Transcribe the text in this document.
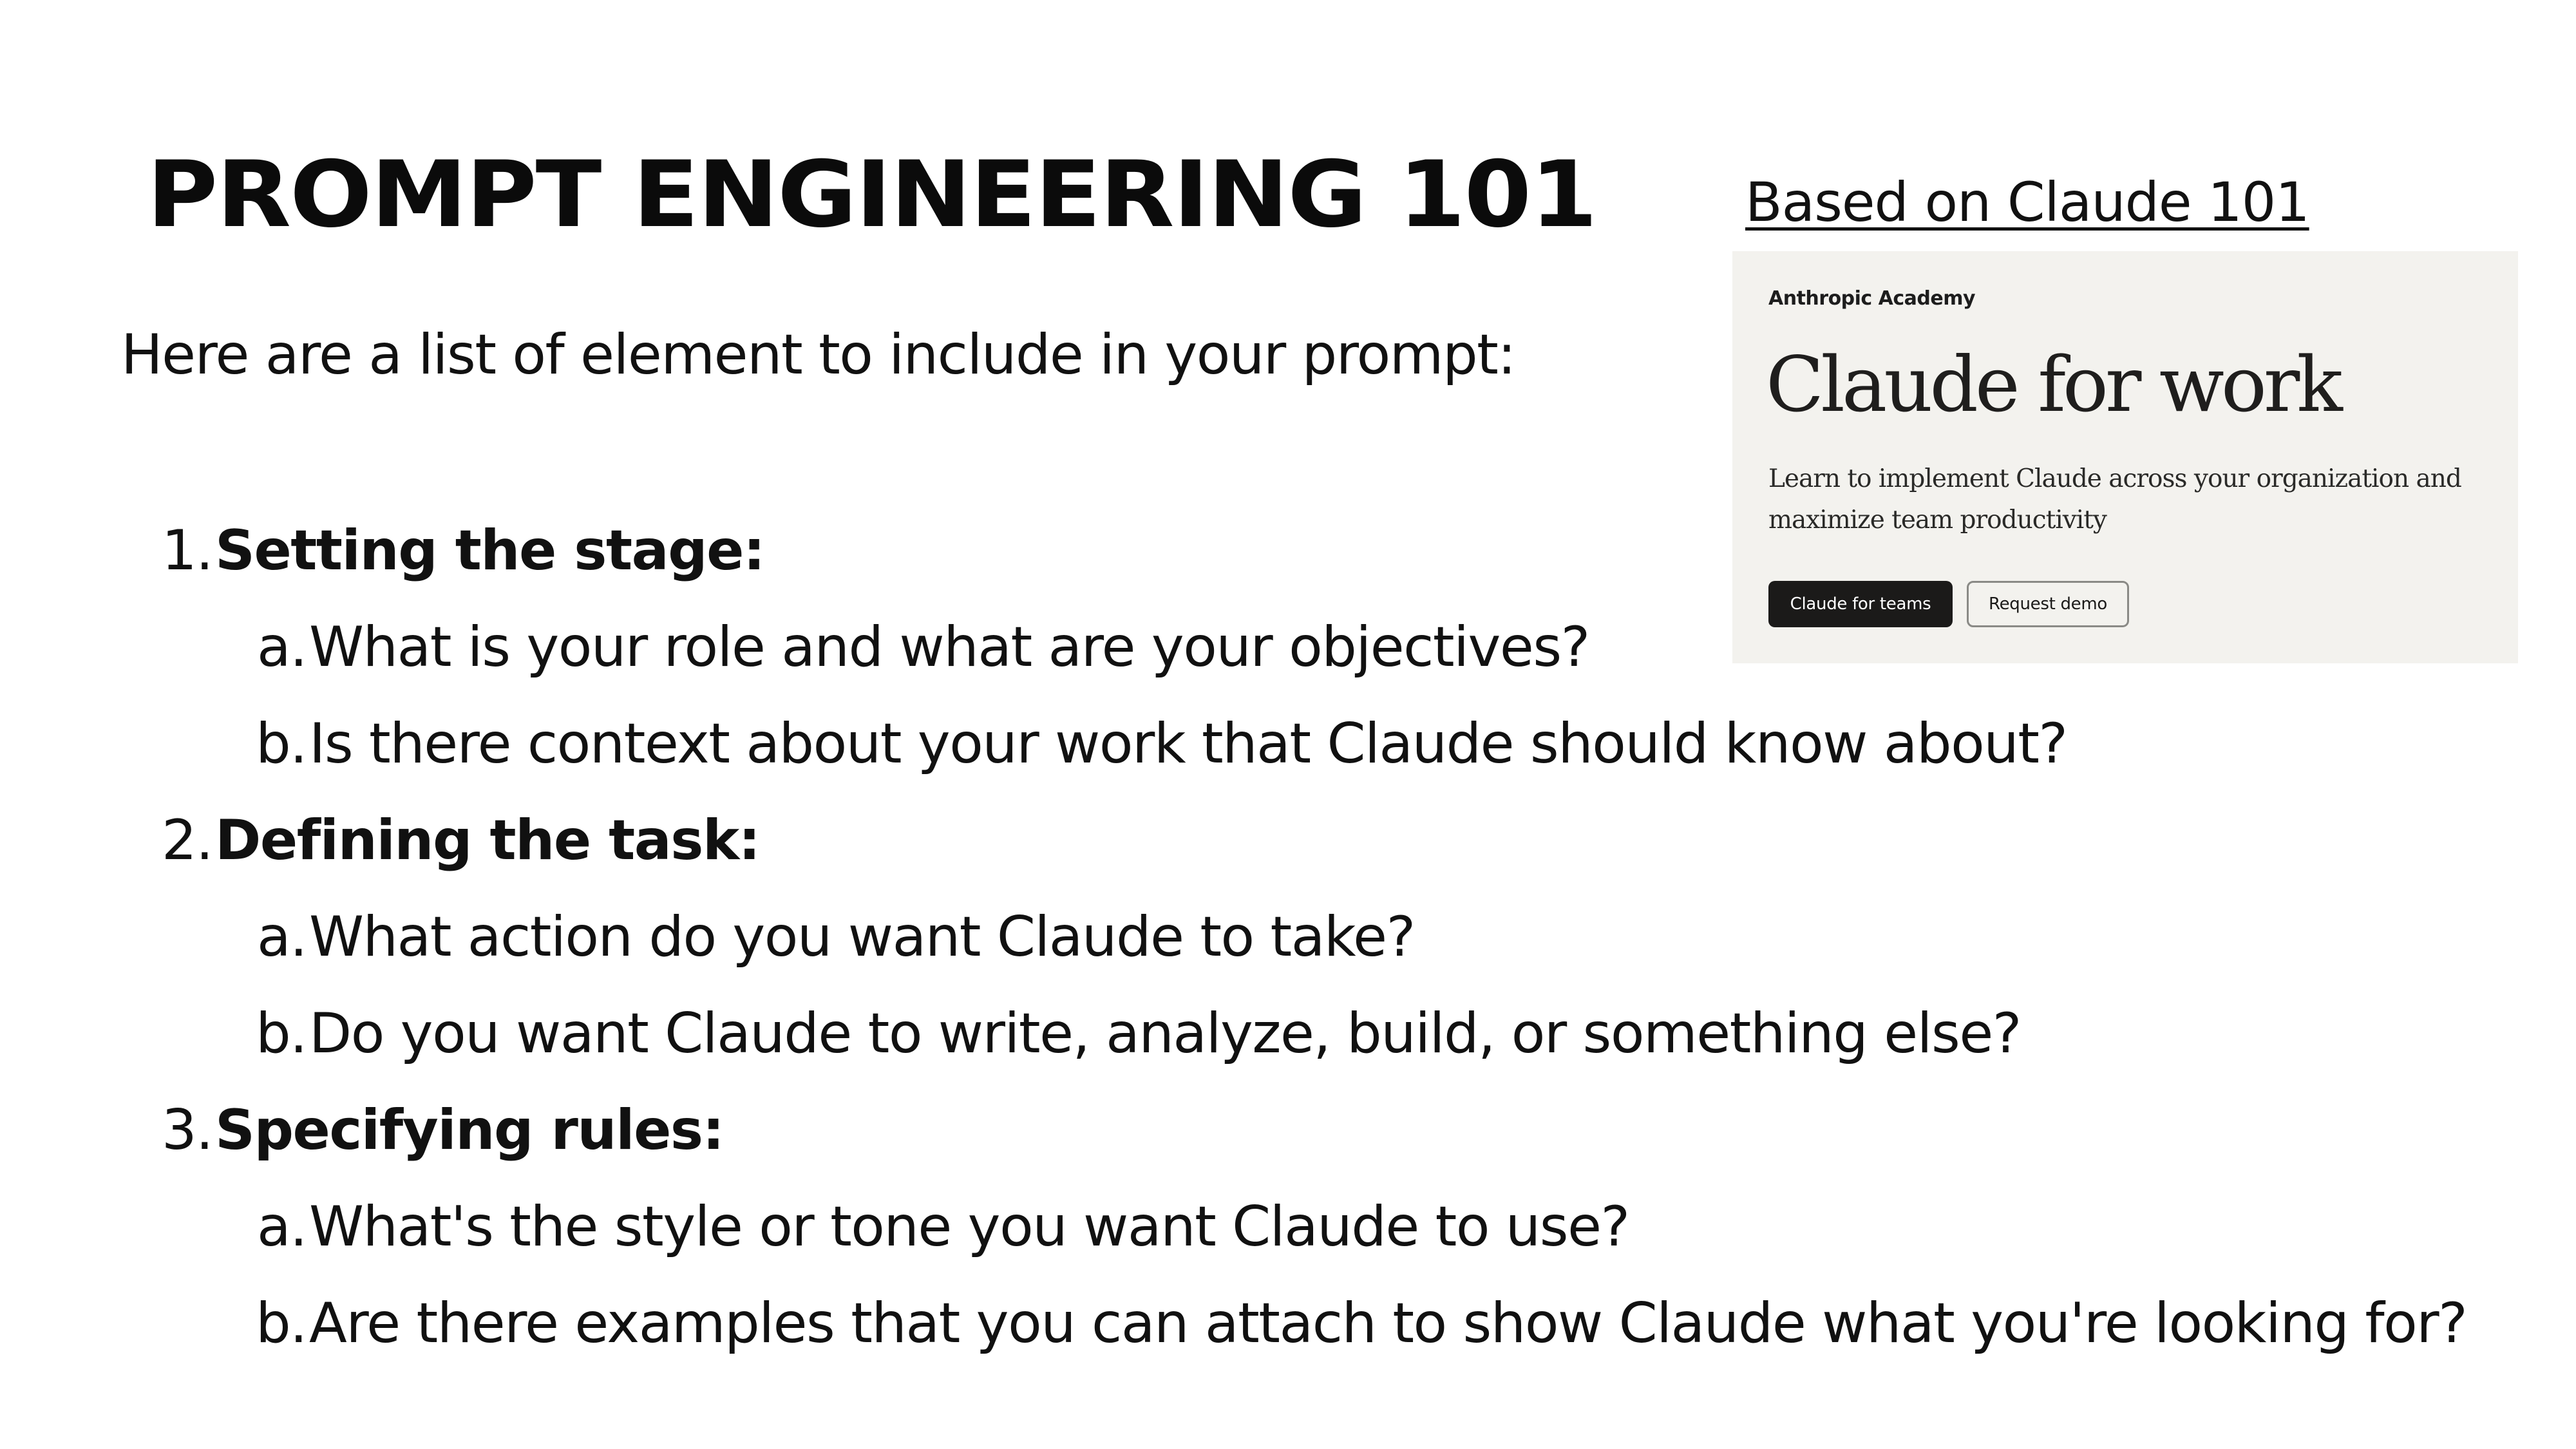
PROMPT ENGINEERING 101	Based on Claude 101

Here are a list of element to include in your prompt:

1. Setting the stage:
a. What is your role and what are your objectives?
b. Is there context about your work that Claude should know about?
2. Defining the task:
a. What action do you want Claude to take?
b. Do you want Claude to write, analyze, build, or something else?
3. Specifying rules:
a. What's the style or tone you want Claude to use?
b. Are there examples that you can attach to show Claude what you're looking for?
Anthropic Academy
Claude for work

Learn to implement Claude across your organization and maximize team productivity

Claude for teams	Request demo
